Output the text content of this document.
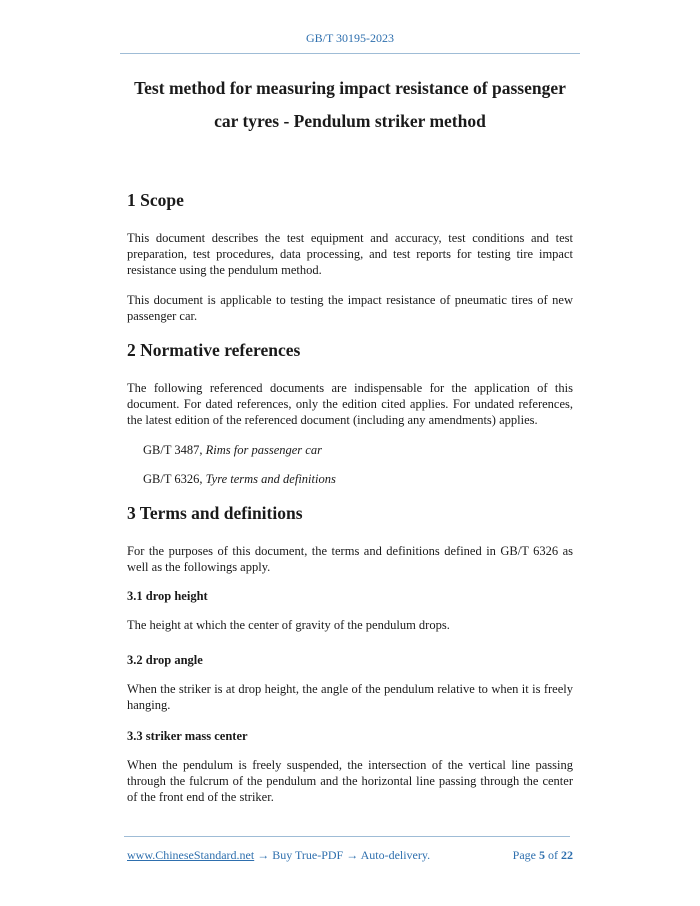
GB/T 30195-2023
Test method for measuring impact resistance of passenger
car tyres - Pendulum striker method
1 Scope

This document describes the test equipment and accuracy, test conditions and test preparation, test procedures, data processing, and test reports for testing tire impact resistance using the pendulum method.

This document is applicable to testing the impact resistance of pneumatic tires of new passenger car.

2 Normative references

The following referenced documents are indispensable for the application of this document. For dated references, only the edition cited applies. For undated references, the latest edition of the referenced document (including any amendments) applies.

GB/T 3487, Rims for passenger car
GB/T 6326, Tyre terms and definitions
3 Terms and definitions

For the purposes of this document, the terms and definitions defined in GB/T 6326 as well as the followings apply.

3.1 drop height

The height at which the center of gravity of the pendulum drops.

3.2 drop angle

When the striker is at drop height, the angle of the pendulum relative to when it is freely hanging.

3.3 striker mass center

When the pendulum is freely suspended, the intersection of the vertical line passing through the fulcrum of the pendulum and the horizontal line passing through the center of the front end of the striker.

www.ChineseStandard.net → Buy True-PDF → Auto-delivery.	Page 5 of 22
